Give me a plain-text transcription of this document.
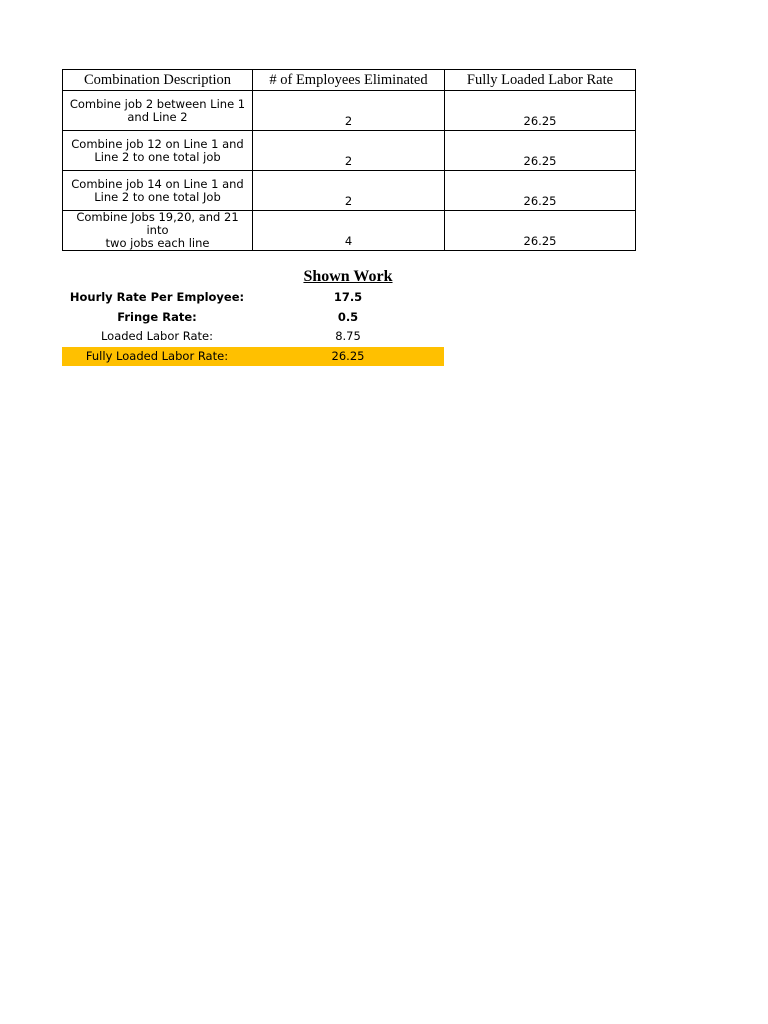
Combination Description	# of Employees Eliminated	Fully Loaded Labor Rate

Combine job 2 between Line 1
and Line 2	2	26.25

Combine job 12 on Line 1 and
Line 2 to one total job	2	26.25

Combine job 14 on Line 1 and
Line 2 to one total Job	2	26.25

Combine Jobs 19,20, and 21 into
two jobs each line	4	26.25
Shown Work
Hourly Rate Per Employee:	17.5
Fringe Rate:	0.5
Loaded Labor Rate:	8.75
Fully Loaded Labor Rate:	26.25
